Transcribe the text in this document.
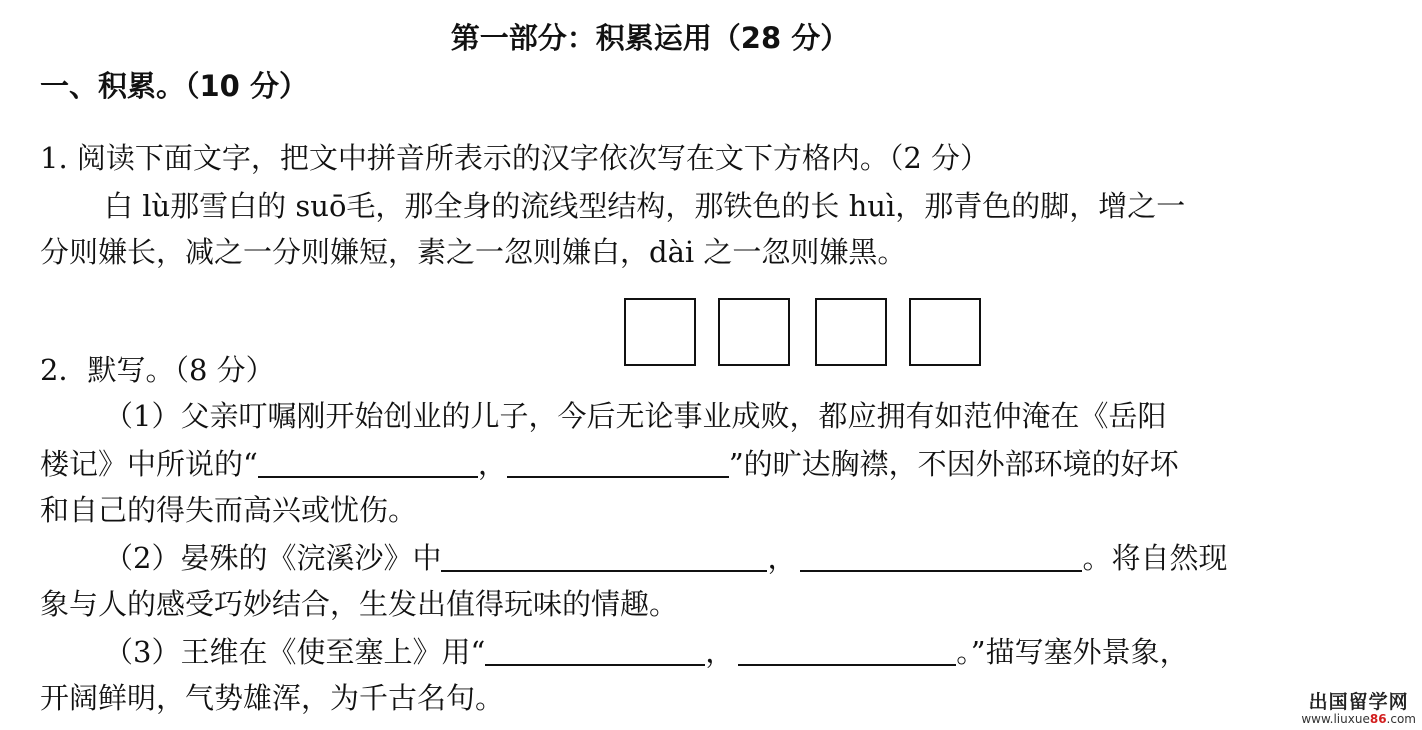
第一部分：积累运用（28 分）
一、积累。（10 分）
1. 阅读下面文字，把文中拼音所表示的汉字依次写在文下方格内。（2 分）
白 lù那雪白的 suō毛，那全身的流线型结构，那铁色的长 huì，那青色的脚，增之一
分则嫌长，减之一分则嫌短，素之一忽则嫌白，dài 之一忽则嫌黑。
2．默写。（8 分）
（1）父亲叮嘱刚开始创业的儿子，今后无论事业成败，都应拥有如范仲淹在《岳阳
楼记》中所说的“	，	”的旷达胸襟，不因外部环境的好坏
和自己的得失而高兴或忧伤。
（2）晏殊的《浣溪沙》中	，	。将自然现
象与人的感受巧妙结合，生发出值得玩味的情趣。
（3）王维在《使至塞上》用“	，	。”描写塞外景象，
开阔鲜明，气势雄浑，为千古名句。	出国留学网
www.liuxue86.com
